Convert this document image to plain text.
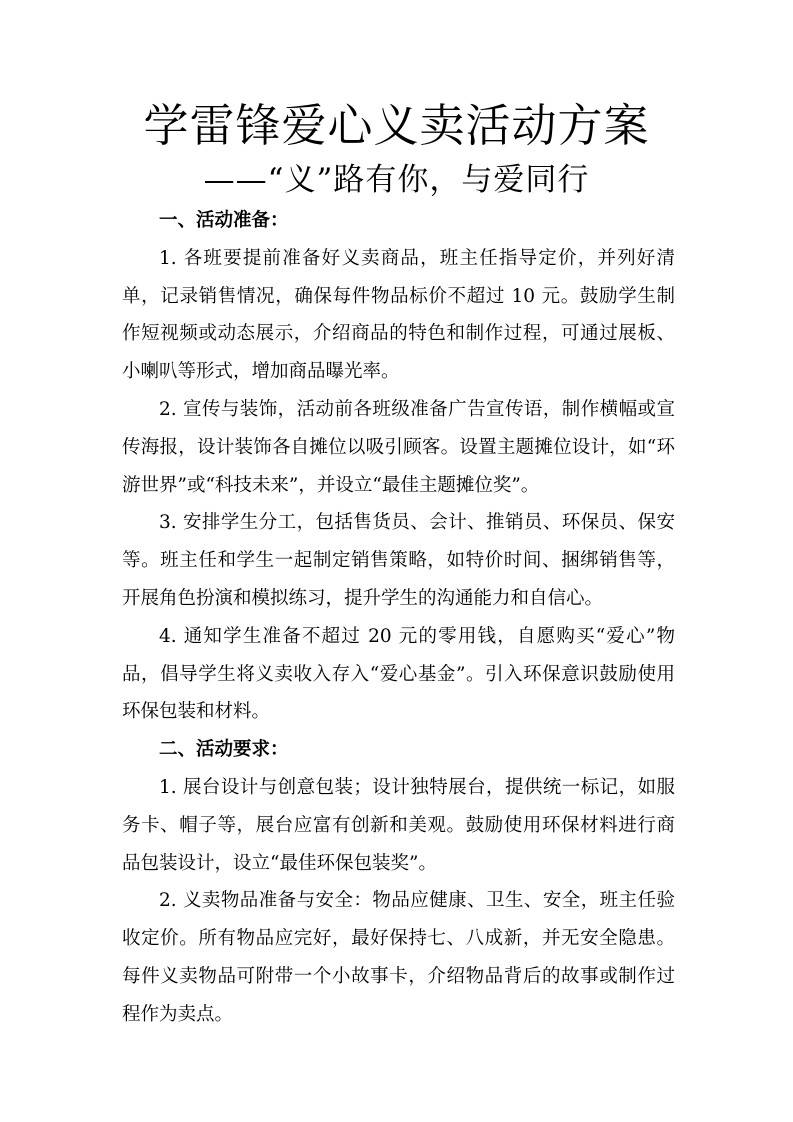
学雷锋爱心义卖活动方案
——“义”路有你，与爱同行

一、活动准备：

1. 各班要提前准备好义卖商品，班主任指导定价，并列好清单，记录销售情况，确保每件物品标价不超过 10 元。鼓励学生制作短视频或动态展示，介绍商品的特色和制作过程，可通过展板、小喇叭等形式，增加商品曝光率。

2. 宣传与装饰，活动前各班级准备广告宣传语，制作横幅或宣传海报，设计装饰各自摊位以吸引顾客。设置主题摊位设计，如“环游世界”或“科技未来”，并设立“最佳主题摊位奖”。

3. 安排学生分工，包括售货员、会计、推销员、环保员、保安等。班主任和学生一起制定销售策略，如特价时间、捆绑销售等，开展角色扮演和模拟练习，提升学生的沟通能力和自信心。

4. 通知学生准备不超过 20 元的零用钱，自愿购买“爱心”物品，倡导学生将义卖收入存入“爱心基金”。引入环保意识鼓励使用环保包装和材料。

二、活动要求：

1. 展台设计与创意包装；设计独特展台，提供统一标记，如服务卡、帽子等，展台应富有创新和美观。鼓励使用环保材料进行商品包装设计，设立“最佳环保包装奖”。

2. 义卖物品准备与安全：物品应健康、卫生、安全，班主任验收定价。所有物品应完好，最好保持七、八成新，并无安全隐患。每件义卖物品可附带一个小故事卡，介绍物品背后的故事或制作过程作为卖点。
